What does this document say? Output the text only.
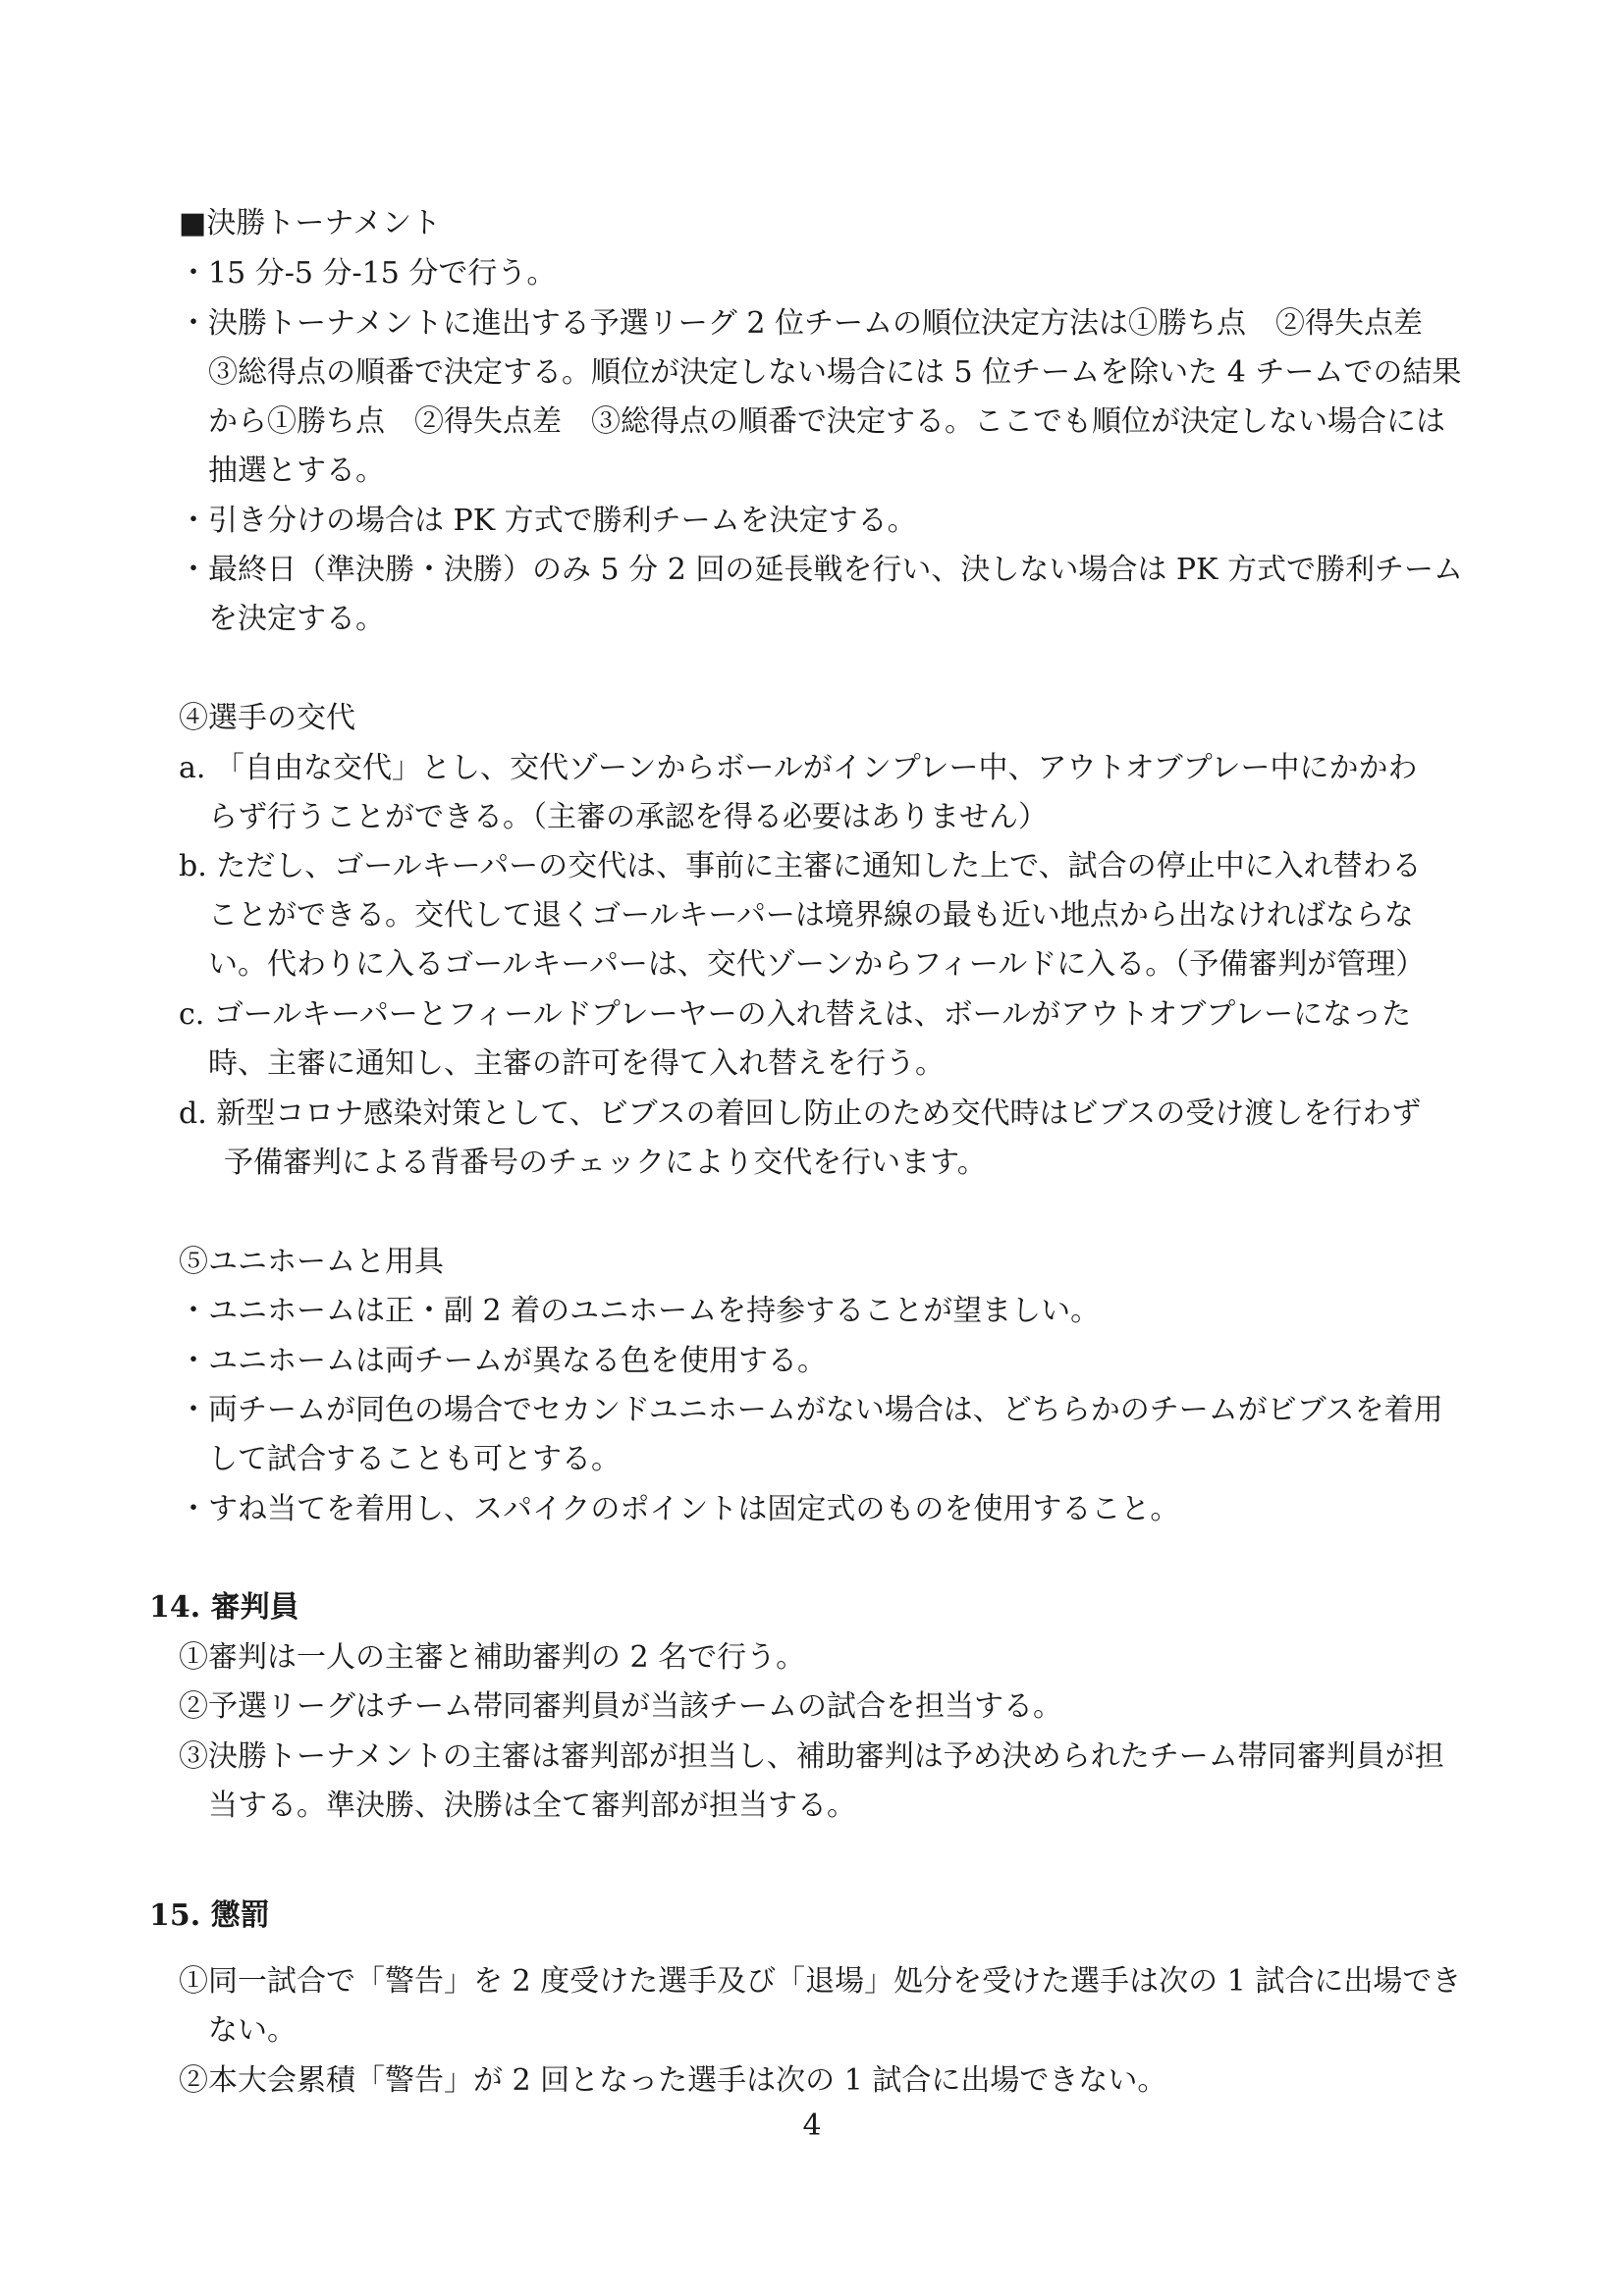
■決勝トーナメント
・15 分-5 分-15 分で行う。
・決勝トーナメントに進出する予選リーグ 2 位チームの順位決定方法は①勝ち点　②得失点差
③総得点の順番で決定する。順位が決定しない場合には 5 位チームを除いた 4 チームでの結果
から①勝ち点　②得失点差　③総得点の順番で決定する。ここでも順位が決定しない場合には
抽選とする。
・引き分けの場合は PK 方式で勝利チームを決定する。
・最終日（準決勝・決勝）のみ 5 分 2 回の延長戦を行い、決しない場合は PK 方式で勝利チーム
を決定する。
④選手の交代
a. 「自由な交代」とし、交代ゾーンからボールがインプレー中、アウトオブプレー中にかかわ
らず行うことができる。（主審の承認を得る必要はありません）
b. ただし、ゴールキーパーの交代は、事前に主審に通知した上で、試合の停止中に入れ替わる
ことができる。交代して退くゴールキーパーは境界線の最も近い地点から出なければならな
い。代わりに入るゴールキーパーは、交代ゾーンからフィールドに入る。（予備審判が管理）
c. ゴールキーパーとフィールドプレーヤーの入れ替えは、ボールがアウトオブプレーになった
時、主審に通知し、主審の許可を得て入れ替えを行う。
d. 新型コロナ感染対策として、ビブスの着回し防止のため交代時はビブスの受け渡しを行わず
予備審判による背番号のチェックにより交代を行います。
⑤ユニホームと用具
・ユニホームは正・副 2 着のユニホームを持参することが望ましい。
・ユニホームは両チームが異なる色を使用する。
・両チームが同色の場合でセカンドユニホームがない場合は、どちらかのチームがビブスを着用
して試合することも可とする。
・すね当てを着用し、スパイクのポイントは固定式のものを使用すること。
14. 審判員
①審判は一人の主審と補助審判の 2 名で行う。
②予選リーグはチーム帯同審判員が当該チームの試合を担当する。
③決勝トーナメントの主審は審判部が担当し、補助審判は予め決められたチーム帯同審判員が担
当する。準決勝、決勝は全て審判部が担当する。
15. 懲罰
①同一試合で「警告」を 2 度受けた選手及び「退場」処分を受けた選手は次の 1 試合に出場でき
ない。
②本大会累積「警告」が 2 回となった選手は次の 1 試合に出場できない。
4
